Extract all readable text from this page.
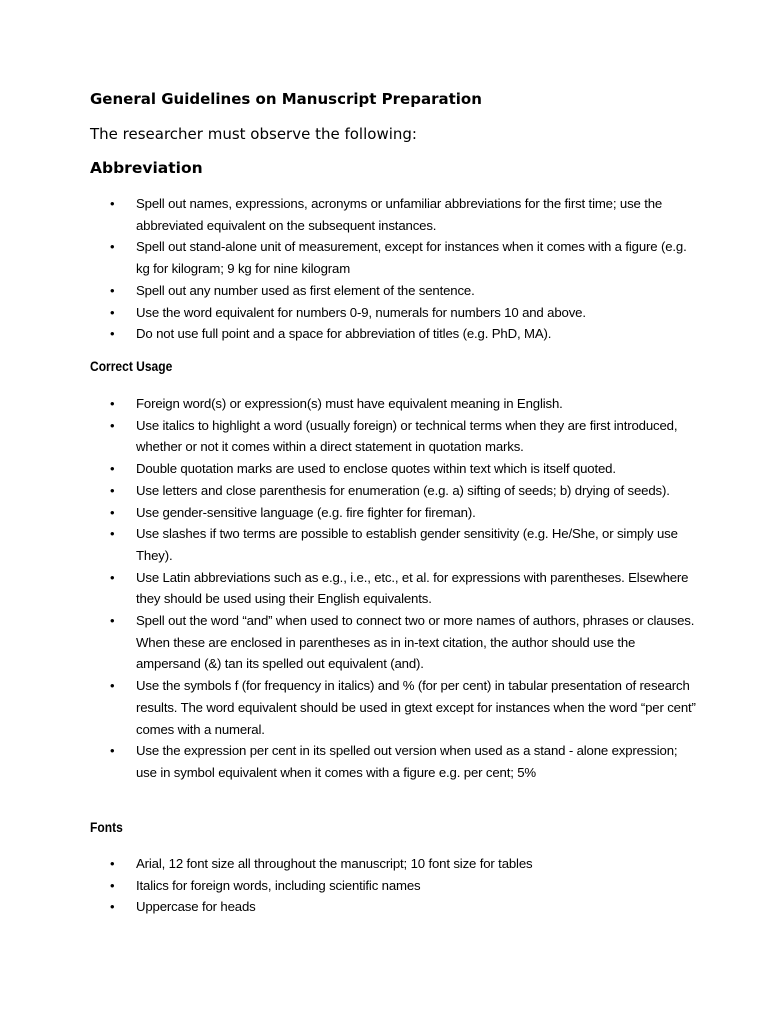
General Guidelines on Manuscript Preparation

The researcher must observe the following:

Abbreviation

• Spell out names, expressions, acronyms or unfamiliar abbreviations for the first time; use the abbreviated equivalent on the subsequent instances.
• Spell out stand-alone unit of measurement, except for instances when it comes with a figure (e.g. kg for kilogram; 9 kg for nine kilogram
• Spell out any number used as first element of the sentence.
• Use the word equivalent for numbers 0-9, numerals for numbers 10 and above.
• Do not use full point and a space for abbreviation of titles (e.g. PhD, MA).

Correct Usage

• Foreign word(s) or expression(s) must have equivalent meaning in English.
• Use italics to highlight a word (usually foreign) or technical terms when they are first introduced, whether or not it comes within a direct statement in quotation marks.
• Double quotation marks are used to enclose quotes within text which is itself quoted.
• Use letters and close parenthesis for enumeration (e.g. a) sifting of seeds; b) drying of seeds).
• Use gender-sensitive language (e.g. fire fighter for fireman).
• Use slashes if two terms are possible to establish gender sensitivity (e.g. He/She, or simply use They).
• Use Latin abbreviations such as e.g., i.e., etc., et al. for expressions with parentheses. Elsewhere they should be used using their English equivalents.
• Spell out the word “and” when used to connect two or more names of authors, phrases or clauses. When these are enclosed in parentheses as in in-text citation, the author should use the ampersand (&) tan its spelled out equivalent (and).
• Use the symbols f (for frequency in italics) and % (for per cent) in tabular presentation of research results. The word equivalent should be used in gtext except for instances when the word “per cent” comes with a numeral.
• Use the expression per cent in its spelled out version when used as a stand - alone expression; use in symbol equivalent when it comes with a figure e.g. per cent; 5%

Fonts

• Arial, 12 font size all throughout the manuscript; 10 font size for tables
• Italics for foreign words, including scientific names
• Uppercase for heads
